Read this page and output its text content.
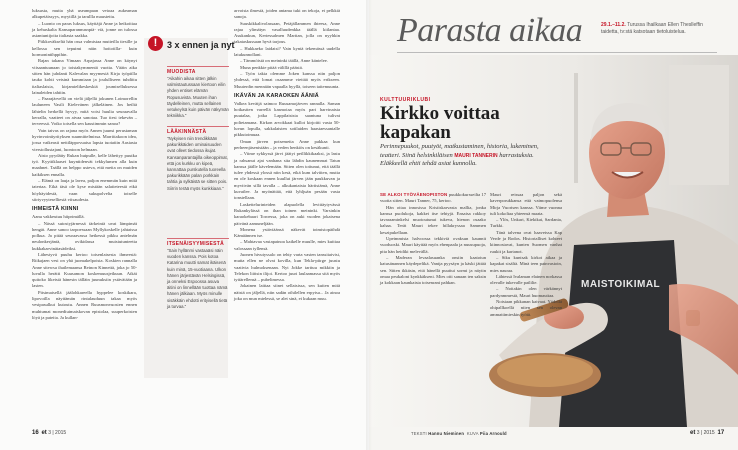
luksusta, mutta yhä useampaan vetoaa aukeaman alkupetäissyys, myytillä ja tarullla maustettu.

– Luonto on paras luksus, käyttäjä Anne ja heikoittaa ja kehuskalta Kansaparannusnpiä- viä, jonne on tulossa asiantuntijoita italiasta saakka.

Piikkoväkseltä hän ossa valmistaa mutteilla tiesille ja kellossa sen tepuimi näin hoitotilla- kuin hormonintihppihin.

Rajan takana Vimaan Arpajassa Anne on käynyt viisaantuunaan jo toistakymmentä vuotta. Vääin aika sitten hän juhdanti Kalevalan myymesiä Kirja työpiilla tauko kohti veisinä kummiaan ja joululliseen tuhdittu italiaslaisia, kirjamielikeskeskiä joumiselluksessa lainaleiden tahtiin.

– Paarajärvellä on vielä jäljellä jokunen Loimorellin lauluneen Vasili Kielevänen jälkeläinen. Jos heiltä lähtelin herkellä hyvyy, mitä voisi huulia seuraavalla kerralla, vaatteet on aivaa sanotaa. Tuo tiesi tekevän – terveessä. Voiko toisella sen kaustimmin sanoa?

Vain taivas on rajana myös Annen juunsi perustaman hyvinvointiyrityksen suunnittelmissa. Marrittakoon idea, jossa vaikeasti nettiläppovuaisa lapsia tuotatiin Aasiasta vierstollustajani, luontoon helmaan.

Aisto pyydätty Rukan huipulle, kelle lähettyy puutka työ. Kyyttiklaaset kuyntidenvät tekkylumen alla kuin maahnet. Taällä on helppo usteva, että meita on muiden kaikiksen ennalla.

– Elämä on lauja ja lavea, paljon enemmän kuin mitä tatertaa. Eikä täsä ole kyse mistään salatieteestä eikä höyhäyidestä, vaan sukupolvelta toiselle siirtyvyyteselliestä viisaudesta.

IHMEISTÄ KIINNI

Aanu vakkeutuu hiiprimällä.

– Nässä sutostyjärnessä tärkeintä uvat lämpimät hengät. Anne sanoo tarpoessaan Myllykoskelle jahtaissa polkua. Ja pitää seuraavassa hetkessä pikku antelmän neulonkerjäntä, ovikidassa muistutunteetta kukkakarvinäiasädeiksi.

Lähestyvä puuhu kertoo toisenlaisesta ihmeestä: Riikajaen vesi on yhä juomakelpoista. Koskien rannalla Anne sitewsa ihailemaansa Reinon Kinnettä, joka jo 50-luvulla herätti Kuusamon koskemuusjeikuun. Aikäi quttoko likeistä hänesin tälläin juunuksiin ystävätään ja lasten.

Pitsimaisellä jäälohkareella hyppelee koskikara, lipovoilla näyttämän rintalauduun takaa myös vesipasulkut kutoutu. Annen Ruusmonvuosien ennen muhtumat monediuimaiskovan epistolaa, suuperkoisten löyä ja pateita. Ja kullan-

!	3 x ennen ja nyt
MUODISTA
"Aikahin aikaa sitten jälkin valmistautussaan kiertoon eilin yhden entiset elämän Ropusuvista. Muuten ihan täydelleinen, mutta sellainen vetukeylsä kuin päivän näkymän tekniikka."
LÄÄKINNÄSTÄ
"Nykyisen niin trendikkään pakurikkäiden ominaisuuden ovat olleet tiedossa ikujat. Kansanparantajilla oikeoppimat, että jos kurkku on kipeä, kannattaa purskutella tuoreella pakurikkään palan porkkain tahtia ja sylkäistä se sitten pois. Siirrin terää myös kunkkiaan."
ITSENÄISYYMISESTÄ
"Sain hyllänmi vastaaäsi näin vuoden kanssa. Pois kotoa Katarina muutti samat ikäisenä kuin minä, 15-vuotiaana. Ulkon hänen järjestävän Helsingissä, ja onneksi Espoossa asuva äitini on linnellään tuottaa nämä hänen jälkiaan. Myös minulle sisäkkäin ehdotti erityisellä tietä ja turvaa."

arvoista ilmestä, joiden antama tuki on tekoja, ei pelkkiä sanoja.

Suuskikkalivolassaan, Petäjällammen ihteesa, Anne rajaa ylimätyn vasalluudenkka täällä kiilantaa. Asukankun, Kertessalmen Marttan, jolla on nyyhkin takataskussaan hyvä tarjous.

– Hukkaeko laidatsi? Vain kyntä tekemässä uudella latukunnollani.

– Tämmöistä on meininki täällä, Anne käntelee.

Muna penkkie pitää välillä päästä.

– Työn takia olemme Joken kanssa niin paljon yhdessä, että lomat osaamme viettää myös erikseen. Muuterdin mennään vapaalla hyyllä, toiseen taitemuunta.

IKÄVÄN JA KARAOKEN ÄÄNIÄ

Valkea kevätjä saimoo Ruusamojärven rannalla. Saman hotkastten varrellä kasmoiaa myös pari harvinaista puutalaa, jotka Lappilaisista saantuna tulivat poltetamana. Kirkon arvokkaat kullot kirjoitti vasta 50-luvun lopulla, sakkalaisten sotilaiden haastaessanialle pikkutoimuaa.

Oman järven potsemeita Anne pakkaa kun perheenjäsenistään – ja veden henkiös on kesäkunti.

– Viime sykkyssä järvi jäätyi peillikkikaaksi, ja lastu ja rahsanut ajat vanhana sita lähdin kaunemmat Tatun kanssa jäälle kävelemään. Sitten olen tottunut, että täällä tulee yhdessä ylossä niin kesä, eikä kum talviiten, mutta en ole koskaan ennen kuullut järven jään paukkuvan ja myvitvän sillä tavalla – alkukantaista härtistämä, Anne kuvailee. Ja myönättää, että lyhljuän pesään vasta tonstellaan.

Laskettelurinteiden alapuolella levittäytyvässä Rukankylässä on ihan toinen meininki. Varsinkin karaokebaari Toroessa, joka on auki vuoden jokaisena päivänä aamuneljään.

Monena ystäviäänsä näkevät toimistopäihdä Kämäännen tse.

– Mahtavaa vastapainoa kaikelle muulle, mies kuittaa valossaan tyllensä.

Juonen hivutyssalo on tehty varta vasten tanssitaivisi, mutta ellen ne olvat kovilla, kun Tekla-piirge juustu vaativia hulmoksenaan. Nyt Jokke tarttuu mikkiin ja Telekon liittsin ilijoi. Kertoo juuri laulaamassa sitä myös tyttärellensä – pubelimessa.

Jokainen laittaa siinet sellaisissa, sen kuiten mitä näistä on jäljellä, niin sadän oihilellen erpyisa... Ja ainoa joka on mun mielessä, se alet sinä, ei kukaan muu.

16 et 3 | 2015
MAISTOIKIMAL
Parasta aikaa	29.1.–11.2. Turussa Ihailkaan Ellen Theslleffin taidetta, tv:stä katsotaan tietoluistelua.
KULTTUURIKLUBI
Kirkko voittaa kapakan
Perinnepuukot, puutyöt, matkustaminen, historia, lukeminen, teatteri. Siinä helsinkiläisen MAURI TANNERIN harrastuksia. Eläkkeellä ehtii tehdä asiat kunnolla.

SE ALKOI TYÖVÄENOPISTON puukkokursseilta 17 vuotta sitten. Mauri Tanner, 75, kertoo.

Hän ottaa innosissa Kristiskarvasta mallia, jonka kanssa puolukoja, kakkei itse tehtyjä. Ensaisa rakkoy tavaraaminkelsi muotoutunut tukeva, hienon osaako kahaa. Terät Mauri tekee hillakryssaa Sammen keszipukellaan.

Upeimmista halvoossa tekkiviä ovaksun kaunnit vuoduoski. Mauri käyttää myös ehenpaala ja nuusupuoja, pita hän heidiki melevällä.

– Maderan levaalasuanka onsiin kaatoiun katusänannen käydepelikä. Vantja pyysäyn ja käski jättää sen. Sitten ikkäsin, että hänellä puuttui sormi ja näytin omaa peukaloni kynkkäkseni. Mies otti sanaan ten saksin ja kokkaan kaunkaista toisenrani pahkan.

Mauri reissaa paljon sekä kaverporukkansa että vaimopuolensa Mirja Vuorisen kanssa. Viime vuonna tuli kokoltaa yhteensä maata.

– Ylös, Unkari, Kiekikai, Sardania, Turkki.

Tänä talvena ovat haaveissa Kap Verde ja Rodos. Historialliset kohteet kiinnostavat, kunten Suomen vanhat ruukit ja kartanot.

– Siku kuntsak kirkot aikaa ja kapakat sisältä. Minä teen painvastoin, mies nauraa.

Lähtessä Ivalaman elainen norkassa olevalle tukevalle paililie.

– Noitakin olen värkännyt pardynmmestä, Mauri huomauttaa.

Noistaan pikkanan kaivaat. Yödellä ohipallkoellä niien sen olevan ammattimieskin työtä.

TEKSTI Hannu Nieminen KUVA Piia Arnould	et 3 | 2015 17
